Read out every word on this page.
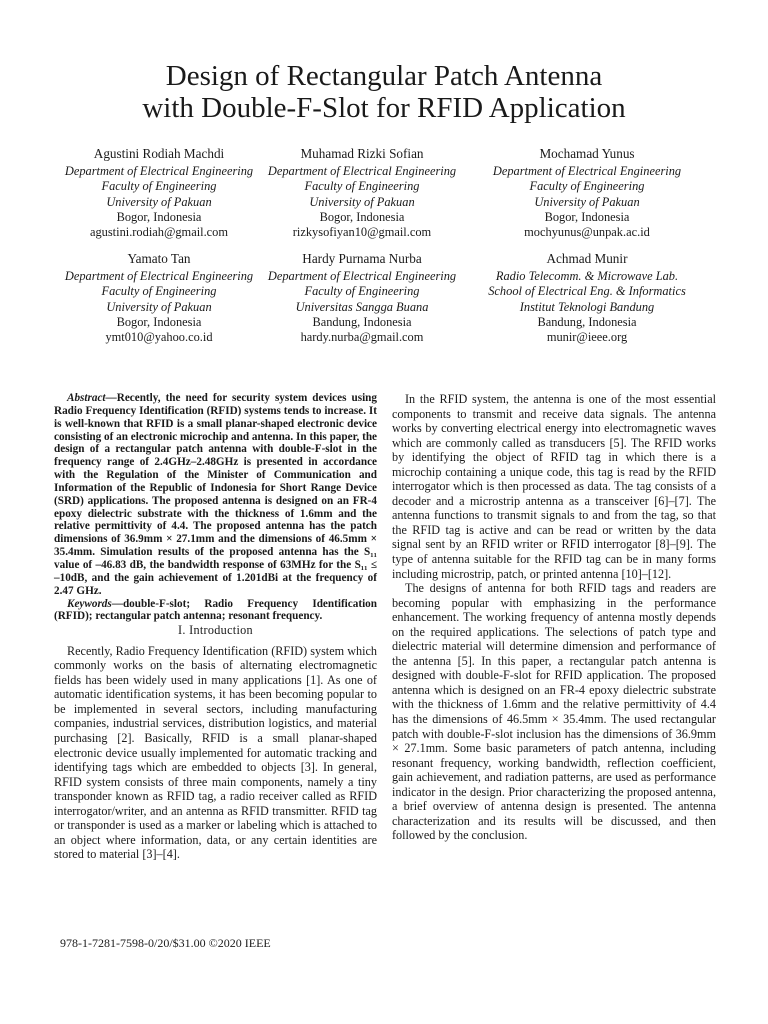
Design of Rectangular Patch Antenna
with Double-F-Slot for RFID Application
Agustini Rodiah Machdi
Department of Electrical Engineering
Faculty of Engineering
University of Pakuan
Bogor, Indonesia
agustini.rodiah@gmail.com
Muhamad Rizki Sofian
Department of Electrical Engineering
Faculty of Engineering
University of Pakuan
Bogor, Indonesia
rizkysofiyan10@gmail.com
Mochamad Yunus
Department of Electrical Engineering
Faculty of Engineering
University of Pakuan
Bogor, Indonesia
mochyunus@unpak.ac.id
Yamato Tan
Department of Electrical Engineering
Faculty of Engineering
University of Pakuan
Bogor, Indonesia
ymt010@yahoo.co.id
Hardy Purnama Nurba
Department of Electrical Engineering
Faculty of Engineering
Universitas Sangga Buana
Bandung, Indonesia
hardy.nurba@gmail.com
Achmad Munir
Radio Telecomm. & Microwave Lab.
School of Electrical Eng. & Informatics
Institut Teknologi Bandung
Bandung, Indonesia
munir@ieee.org

Abstract—Recently, the need for security system devices using Radio Frequency Identification (RFID) systems tends to increase. It is well-known that RFID is a small planar-shaped electronic device consisting of an electronic microchip and antenna. In this paper, the design of a rectangular patch antenna with double-F-slot in the frequency range of 2.4GHz–2.48GHz is presented in accordance with the Regulation of the Minister of Communication and Information of the Republic of Indonesia for Short Range Device (SRD) applications. The proposed antenna is designed on an FR-4 epoxy dielectric substrate with the thickness of 1.6mm and the relative permittivity of 4.4. The proposed antenna has the patch dimensions of 36.9mm × 27.1mm and the dimensions of 46.5mm × 35.4mm. Simulation results of the proposed antenna has the S₁₁ value of –46.83 dB, the bandwidth response of 63MHz for the S₁₁ ≤ –10dB, and the gain achievement of 1.201dBi at the frequency of 2.47 GHz.

Keywords—double-F-slot; Radio Frequency Identification (RFID); rectangular patch antenna; resonant frequency.

I. Introduction

Recently, Radio Frequency Identification (RFID) system which commonly works on the basis of alternating electromagnetic fields has been widely used in many applications [1]. As one of automatic identification systems, it has been becoming popular to be implemented in several sectors, including manufacturing companies, industrial services, distribution logistics, and material purchasing [2]. Basically, RFID is a small planar-shaped electronic device usually implemented for automatic tracking and identifying tags which are embedded to objects [3]. In general, RFID system consists of three main components, namely a tiny transponder known as RFID tag, a radio receiver called as RFID interrogator/writer, and an antenna as RFID transmitter. RFID tag or transponder is used as a marker or labeling which is attached to an object where information, data, or any certain identities are stored to material [3]–[4].

In the RFID system, the antenna is one of the most essential components to transmit and receive data signals. The antenna works by converting electrical energy into electromagnetic waves which are commonly called as transducers [5]. The RFID works by identifying the object of RFID tag in which there is a microchip containing a unique code, this tag is read by the RFID interrogator which is then processed as data. The tag consists of a decoder and a microstrip antenna as a transceiver [6]–[7]. The antenna functions to transmit signals to and from the tag, so that the RFID tag is active and can be read or written by the data signal sent by an RFID writer or RFID interrogator [8]–[9]. The type of antenna suitable for the RFID tag can be in many forms including microstrip, patch, or printed antenna [10]–[12].

The designs of antenna for both RFID tags and readers are becoming popular with emphasizing in the performance enhancement. The working frequency of antenna mostly depends on the required applications. The selections of patch type and dielectric material will determine dimension and performance of the antenna [5]. In this paper, a rectangular patch antenna is designed with double-F-slot for RFID application. The proposed antenna which is designed on an FR-4 epoxy dielectric substrate with the thickness of 1.6mm and the relative permittivity of 4.4 has the dimensions of 46.5mm × 35.4mm. The used rectangular patch with double-F-slot inclusion has the dimensions of 36.9mm × 27.1mm. Some basic parameters of patch antenna, including resonant frequency, working bandwidth, reflection coefficient, gain achievement, and radiation patterns, are used as performance indicator in the design. Prior characterizing the proposed antenna, a brief overview of antenna design is presented. The antenna characterization and its results will be discussed, and then followed by the conclusion.

978-1-7281-7598-0/20/$31.00 ©2020 IEEE
